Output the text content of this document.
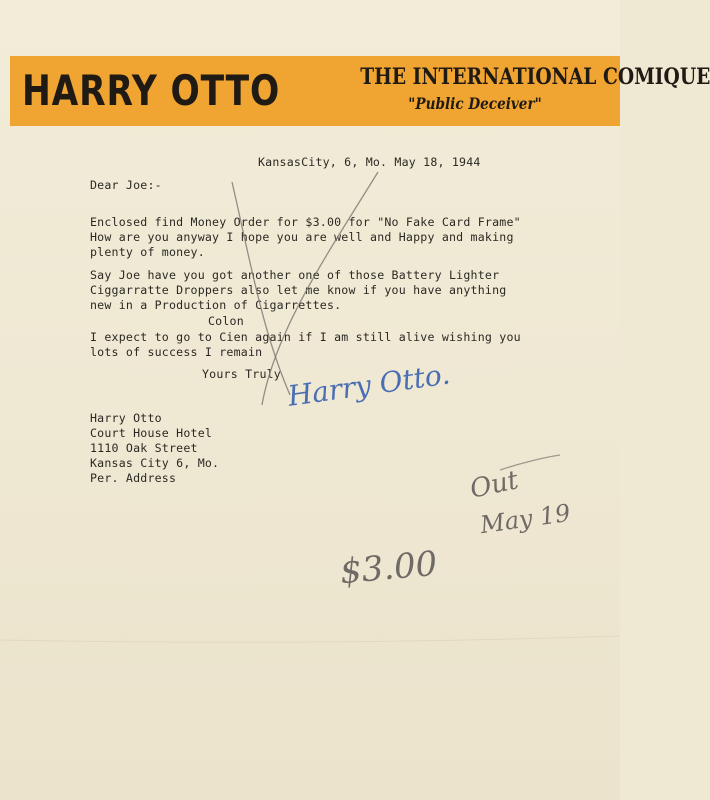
HARRY OTTO	THE INTERNATIONAL COMIQUE
"Public Deceiver"
KansasCity, 6, Mo. May 18, 1944
Dear Joe:-
Enclosed find Money Order for $3.00 for "No Fake Card Frame"
How are you anyway I hope you are well and Happy and making
plenty of money.
Say Joe have you got another one of those Battery Lighter
Ciggarratte Droppers also let me know if you have anything
new in a Production of Cigarrettes.
Colon
I expect to go to Cien again if I am still alive wishing you
lots of success I remain
Yours Truly Harry Otto.
Harry Otto
Court House Hotel
1110 Oak Street
Kansas City 6, Mo.
Per. Address	Out
May 19
$3.00
